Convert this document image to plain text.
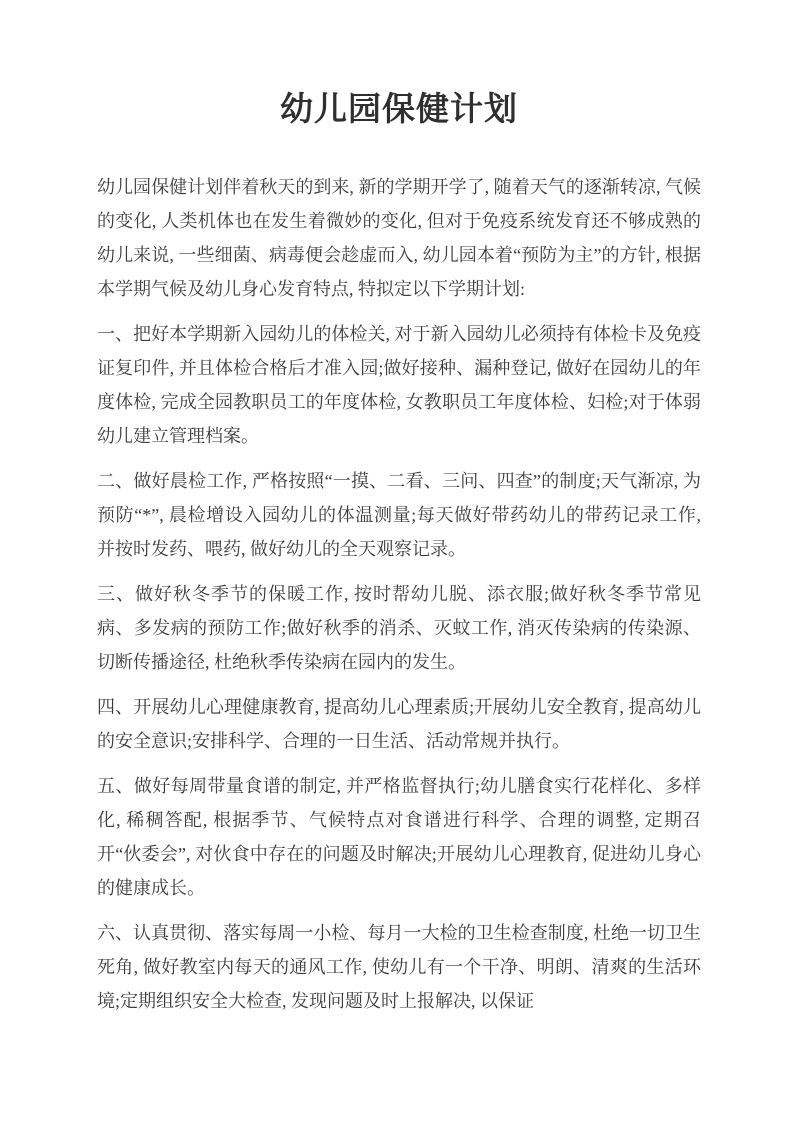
幼儿园保健计划

幼儿园保健计划伴着秋天的到来, 新的学期开学了, 随着天气的逐渐转凉, 气候的变化, 人类机体也在发生着微妙的变化, 但对于免疫系统发育还不够成熟的幼儿来说, 一些细菌、病毒便会趁虚而入, 幼儿园本着“预防为主”的方针, 根据本学期气候及幼儿身心发育特点, 特拟定以下学期计划:

一、把好本学期新入园幼儿的体检关, 对于新入园幼儿必须持有体检卡及免疫证复印件, 并且体检合格后才准入园;做好接种、漏种登记, 做好在园幼儿的年度体检, 完成全园教职员工的年度体检, 女教职员工年度体检、妇检;对于体弱幼儿建立管理档案。

二、做好晨检工作, 严格按照“一摸、二看、三问、四查”的制度;天气渐凉, 为预防“*”, 晨检增设入园幼儿的体温测量;每天做好带药幼儿的带药记录工作, 并按时发药、喂药, 做好幼儿的全天观察记录。

三、做好秋冬季节的保暖工作, 按时帮幼儿脱、添衣服;做好秋冬季节常见病、多发病的预防工作;做好秋季的消杀、灭蚊工作, 消灭传染病的传染源、切断传播途径, 杜绝秋季传染病在园内的发生。

四、开展幼儿心理健康教育, 提高幼儿心理素质;开展幼儿安全教育, 提高幼儿的安全意识;安排科学、合理的一日生活、活动常规并执行。

五、做好每周带量食谱的制定, 并严格监督执行;幼儿膳食实行花样化、多样化, 稀稠答配, 根据季节、气候特点对食谱进行科学、合理的调整, 定期召开“伙委会”, 对伙食中存在的问题及时解决;开展幼儿心理教育, 促进幼儿身心的健康成长。

六、认真贯彻、落实每周一小检、每月一大检的卫生检查制度, 杜绝一切卫生死角, 做好教室内每天的通风工作, 使幼儿有一个干净、明朗、清爽的生活环境;定期组织安全大检查, 发现问题及时上报解决, 以保证
